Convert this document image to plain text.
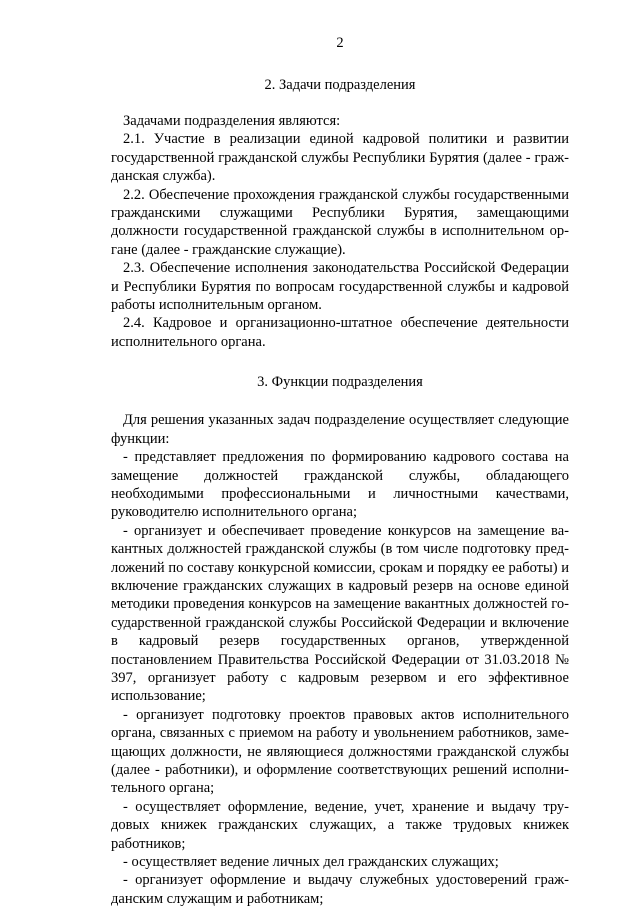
2
2. Задачи подразделения

Задачами подразделения являются:

2.1. Участие в реализации единой кадровой политики и развитии государственной гражданской службы Республики Бурятия (далее - гражданская служба).

2.2. Обеспечение прохождения гражданской службы государственными гражданскими служащими Республики Бурятия, замещающими должности государственной гражданской службы в исполнительном органе (далее - гражданские служащие).

2.3. Обеспечение исполнения законодательства Российской Федерации и Республики Бурятия по вопросам государственной службы и кадровой работы исполнительным органом.

2.4. Кадровое и организационно-штатное обеспечение деятельности исполнительного органа.

3. Функции подразделения

Для решения указанных задач подразделение осуществляет следующие функции:

- представляет предложения по формированию кадрового состава на замещение должностей гражданской службы, обладающего необходимыми профессиональными и личностными качествами, руководителю исполнительного органа;

- организует и обеспечивает проведение конкурсов на замещение вакантных должностей гражданской службы (в том числе подготовку предложений по составу конкурсной комиссии, срокам и порядку ее работы) и включение гражданских служащих в кадровый резерв на основе единой методики проведения конкурсов на замещение вакантных должностей государственной гражданской службы Российской Федерации и включение в кадровый резерв государственных органов, утвержденной постановлением Правительства Российской Федерации от 31.03.2018 № 397, организует работу с кадровым резервом и его эффективное использование;

- организует подготовку проектов правовых актов исполнительного органа, связанных с приемом на работу и увольнением работников, замещающих должности, не являющиеся должностями гражданской службы (далее - работники), и оформление соответствующих решений исполнительного органа;

- осуществляет оформление, ведение, учет, хранение и выдачу трудовых книжек гражданских служащих, а также трудовых книжек работников;

- осуществляет ведение личных дел гражданских служащих;

- организует оформление и выдачу служебных удостоверений гражданским служащим и работникам;
